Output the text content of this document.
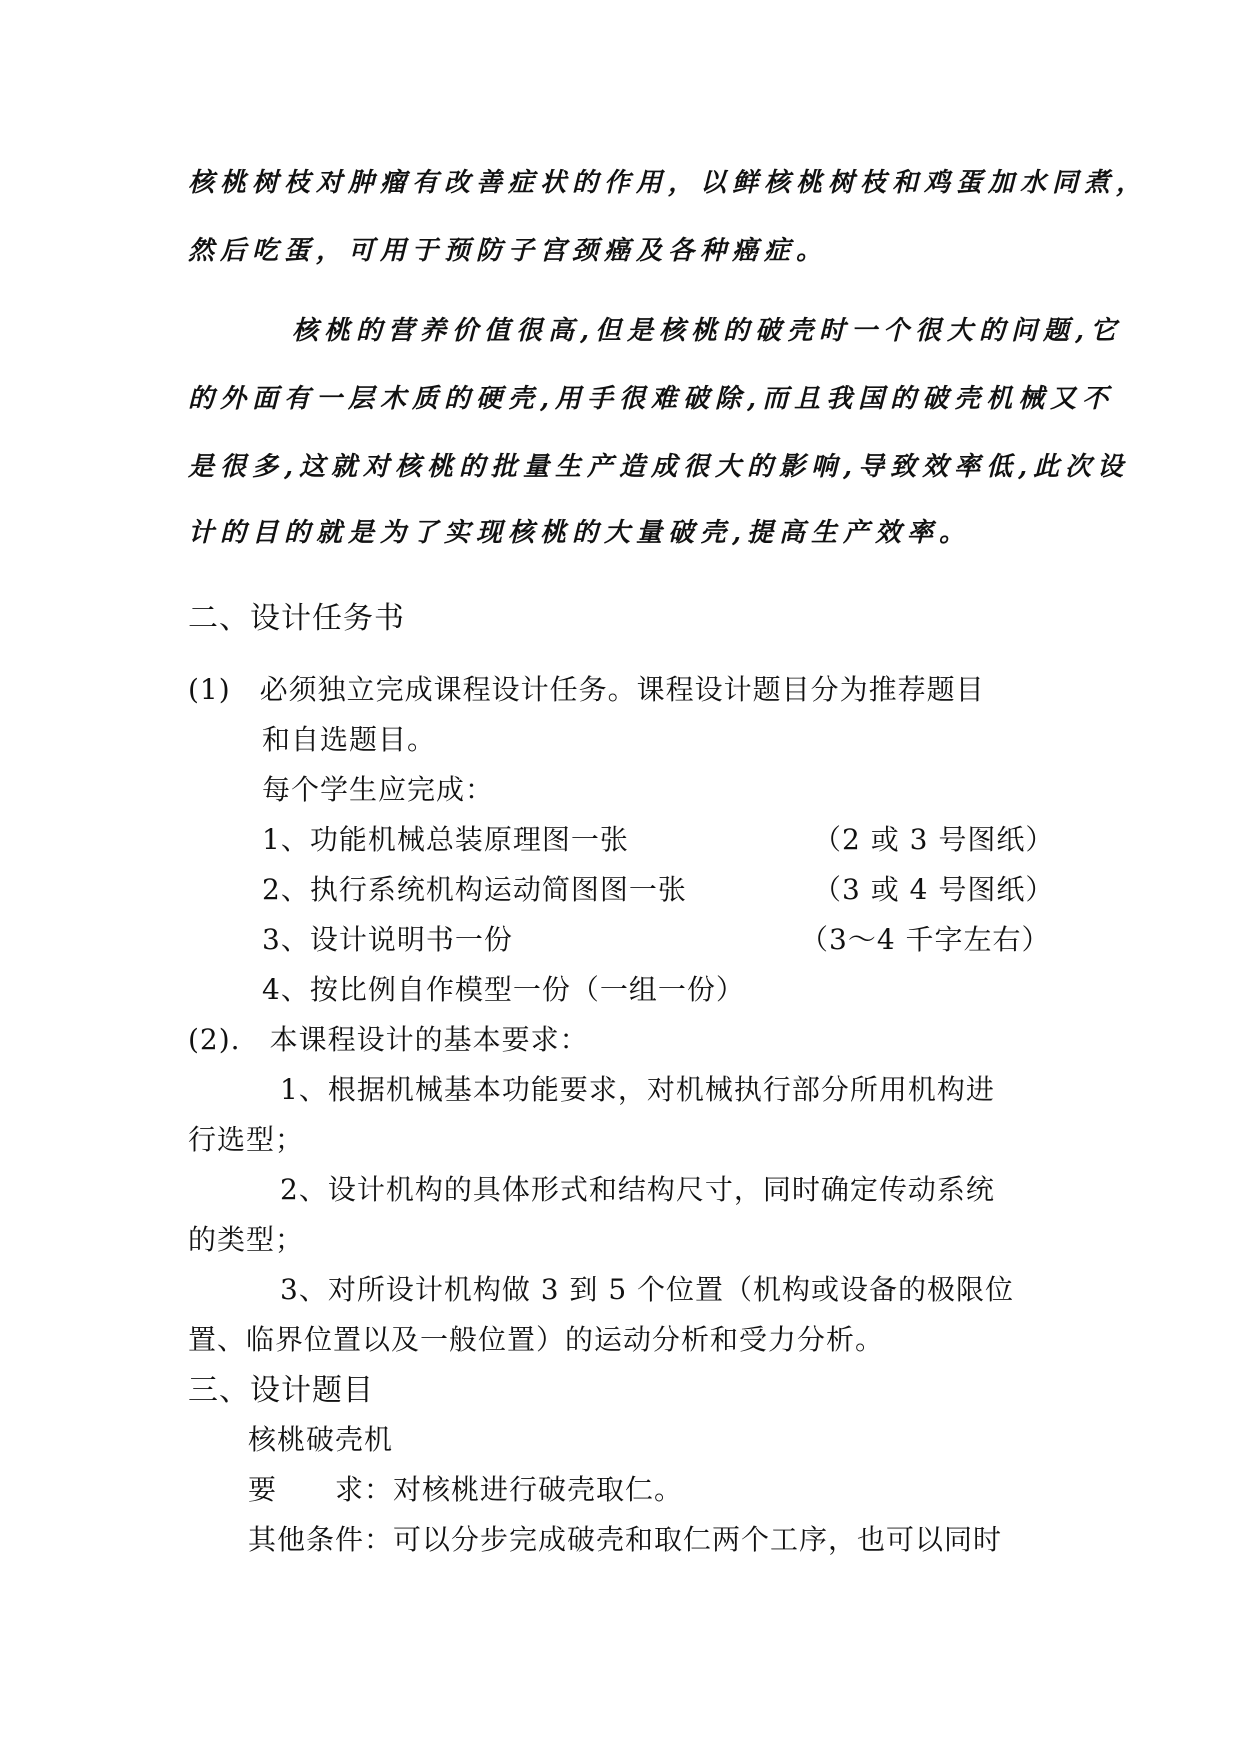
核桃树枝对肿瘤有改善症状的作用，以鲜核桃树枝和鸡蛋加水同煮，
然后吃蛋，可用于预防子宫颈癌及各种癌症。
核桃的营养价值很高,但是核桃的破壳时一个很大的问题,它
的外面有一层木质的硬壳,用手很难破除,而且我国的破壳机械又不
是很多,这就对核桃的批量生产造成很大的影响,导致效率低,此次设
计的目的就是为了实现核桃的大量破壳,提高生产效率。
二、设计任务书
(1)　必须独立完成课程设计任务。课程设计题目分为推荐题目
和自选题目。
每个学生应完成：
1、功能机械总装原理图一张	（2 或 3 号图纸）
2、执行系统机构运动简图图一张	（3 或 4 号图纸）
3、设计说明书一份	（3～4 千字左右）
4、按比例自作模型一份（一组一份）
(2).　本课程设计的基本要求：
1、根据机械基本功能要求，对机械执行部分所用机构进
行选型；
2、设计机构的具体形式和结构尺寸，同时确定传动系统
的类型；
3、对所设计机构做 3 到 5 个位置（机构或设备的极限位
置、临界位置以及一般位置）的运动分析和受力分析。
三、设计题目
核桃破壳机
要　　求：对核桃进行破壳取仁。
其他条件：可以分步完成破壳和取仁两个工序，也可以同时
